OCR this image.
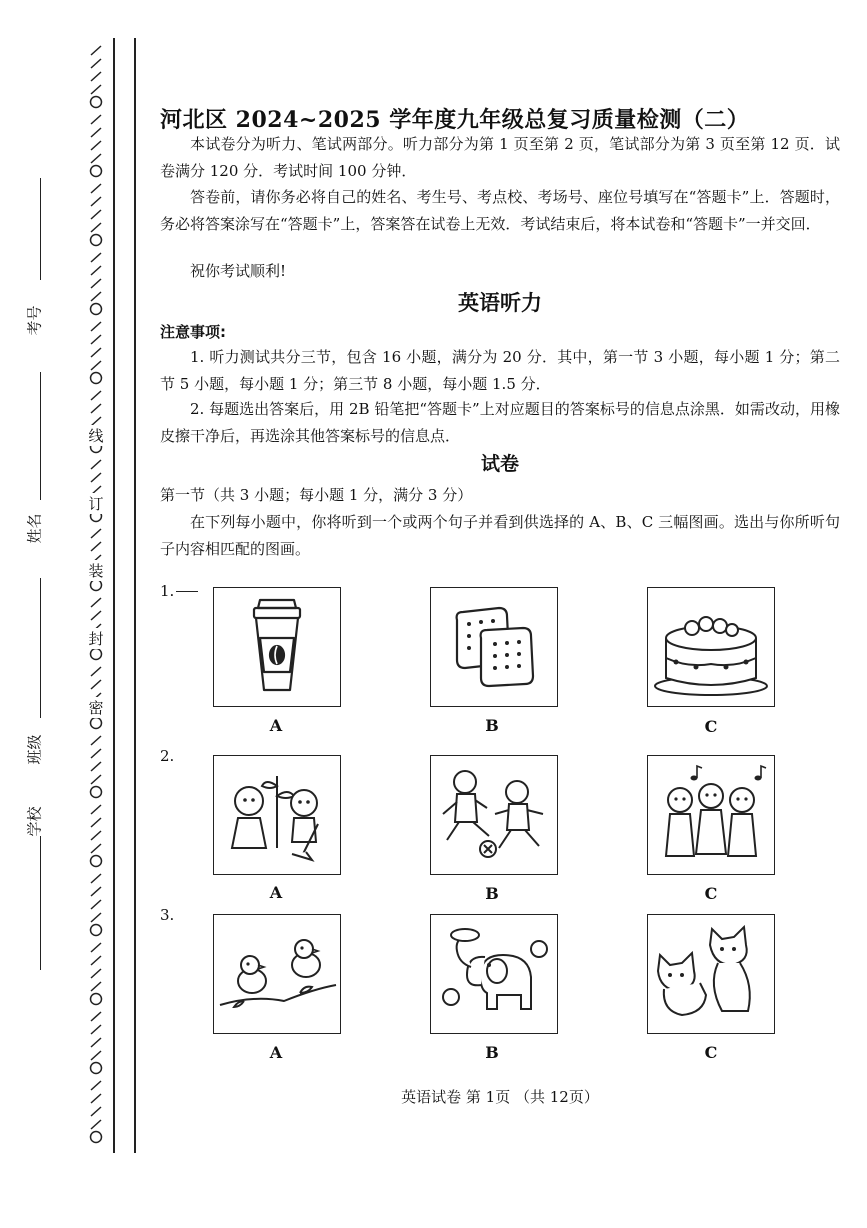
线
订
装
封
密
考号
姓名
班级
学校
河北区 2024~2025 学年度九年级总复习质量检测（二）
本试卷分为听力、笔试两部分。听力部分为第 1 页至第 2 页，笔试部分为第 3 页至第 12 页．试卷满分 120 分．考试时间 100 分钟．
答卷前，请你务必将自己的姓名、考生号、考点校、考场号、座位号填写在“答题卡”上．答题时，务必将答案涂写在“答题卡”上，答案答在试卷上无效．考试结束后，将本试卷和“答题卡”一并交回．
祝你考试顺利!
英语听力
注意事项:
1. 听力测试共分三节，包含 16 小题，满分为 20 分．其中，第一节 3 小题，每小题 1 分；第二节 5 小题，每小题 1 分；第三节 8 小题，每小题 1.5 分．
2. 每题选出答案后，用 2B 铅笔把“答题卡”上对应题目的答案标号的信息点涂黑．如需改动，用橡皮擦干净后，再选涂其他答案标号的信息点．
试卷
第一节（共 3 小题；每小题 1 分，满分 3 分）
在下列每小题中，你将听到一个或两个句子并看到供选择的 A、B、C 三幅图画。选出与你所听句子内容相匹配的图画。
1.
A	B	C
2.
A	B	C
3.
A	B	C
英语试卷 第 1页 （共 12页）
